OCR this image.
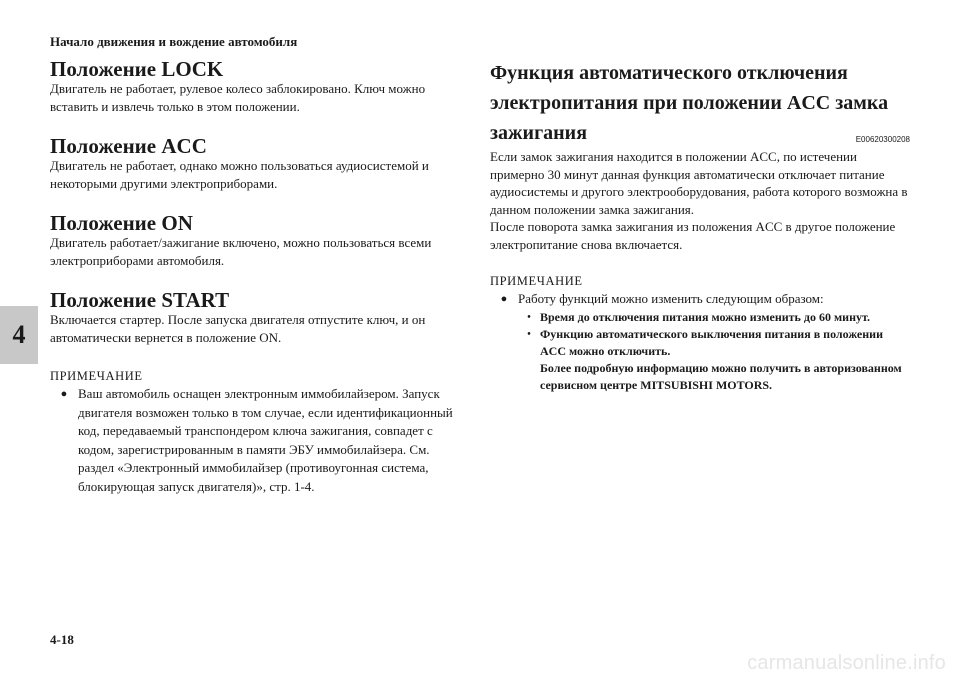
Начало движения и вождение автомобиля
4
Положение LOCK

Двигатель не работает, рулевое колесо заблокировано. Ключ можно вставить и извлечь только в этом положении.

Положение ACC

Двигатель не работает, однако можно пользоваться аудиосистемой и некоторыми другими электроприборами.

Положение ON

Двигатель работает/зажигание включено, можно пользоваться всеми электроприборами автомобиля.

Положение START

Включается стартер. После запуска двигателя отпустите ключ, и он автоматически вернется в положение ON.

ПРИМЕЧАНИЕ

● Ваш автомобиль оснащен электронным иммобилайзером. Запуск двигателя возможен только в том случае, если идентификационный код, передаваемый транспондером ключа зажигания, совпадет с кодом, зарегистрированным в памяти ЭБУ иммобилайзера. См. раздел «Электронный иммобилайзер (противоугонная система, блокирующая запуск двигателя)», стр. 1-4.
Функция автоматического отключения
электропитания при положении ACC замка
зажигания	E00620300208

Если замок зажигания находится в положении ACC, по истечении примерно 30 минут данная функция автоматически отключает питание аудиосистемы и другого электрооборудования, работа которого возможна в данном положении замка зажигания.

После поворота замка зажигания из положения ACC в другое положение электропитание снова включается.

ПРИМЕЧАНИЕ

● Работу функций можно изменить следующим образом:
• Время до отключения питания можно изменить до 60 минут.
• Функцию автоматического выключения питания в положении ACC можно отключить.
Более подробную информацию можно получить в авторизованном сервисном центре MITSUBISHI MOTORS.
4-18
carmanualsonline.info
